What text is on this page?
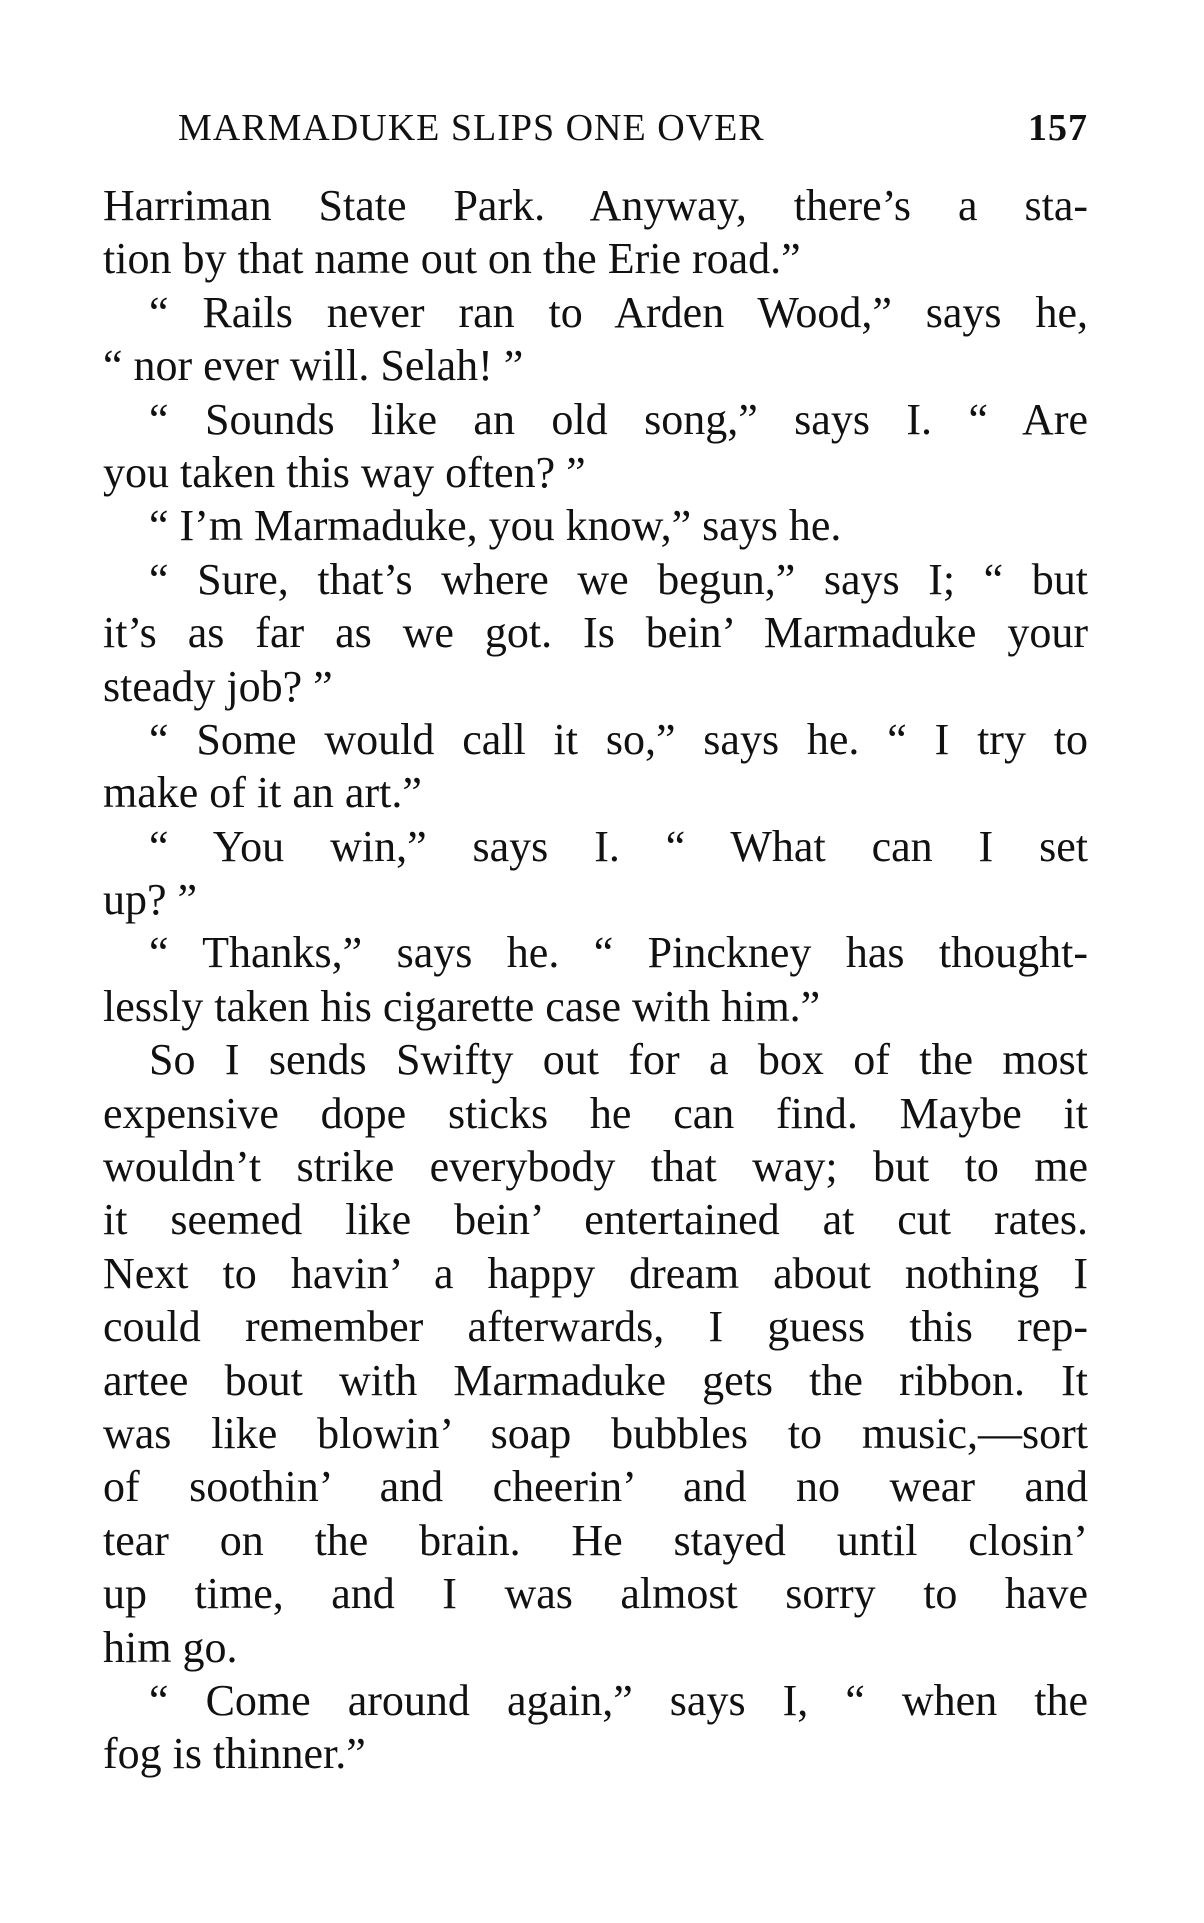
MARMADUKE SLIPS ONE OVER	157
Harriman State Park. Anyway, there’s a sta-
tion by that name out on the Erie road.”
“ Rails never ran to Arden Wood,” says he,
“ nor ever will. Selah! ”
“ Sounds like an old song,” says I. “ Are
you taken this way often? ”
“ I’m Marmaduke, you know,” says he.
“ Sure, that’s where we begun,” says I; “ but
it’s as far as we got. Is bein’ Marmaduke your
steady job? ”
“ Some would call it so,” says he. “ I try to
make of it an art.”
“ You win,” says I. “ What can I set
up? ”
“ Thanks,” says he. “ Pinckney has thought-
lessly taken his cigarette case with him.”
So I sends Swifty out for a box of the most
expensive dope sticks he can find. Maybe it
wouldn’t strike everybody that way; but to me
it seemed like bein’ entertained at cut rates.
Next to havin’ a happy dream about nothing I
could remember afterwards, I guess this rep-
artee bout with Marmaduke gets the ribbon. It
was like blowin’ soap bubbles to music,—sort
of soothin’ and cheerin’ and no wear and
tear on the brain. He stayed until closin’
up time, and I was almost sorry to have
him go.
“ Come around again,” says I, “ when the
fog is thinner.”
